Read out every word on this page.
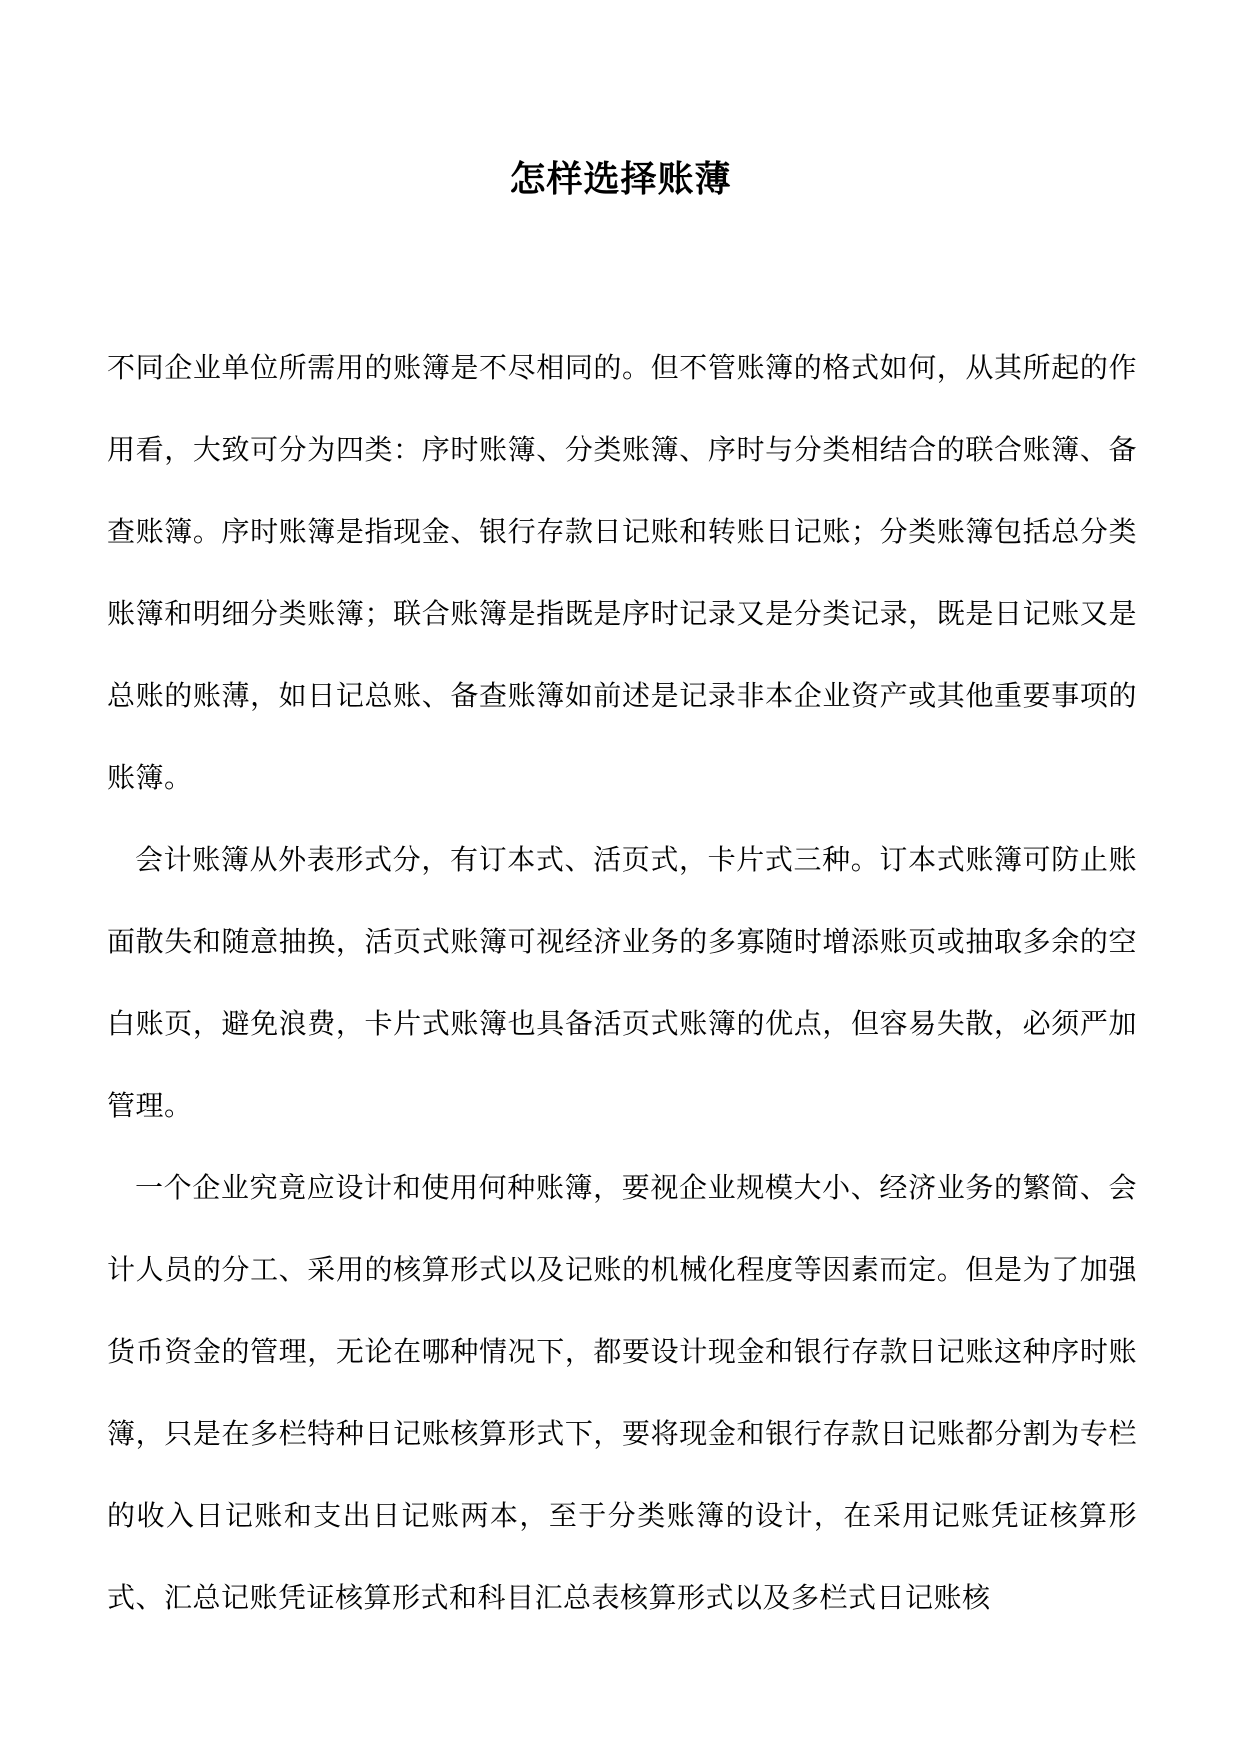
怎样选择账薄

不同企业单位所需用的账簿是不尽相同的。但不管账簿的格式如何，从其所起的作用看，大致可分为四类：序时账簿、分类账簿、序时与分类相结合的联合账簿、备查账簿。序时账簿是指现金、银行存款日记账和转账日记账；分类账簿包括总分类账簿和明细分类账簿；联合账簿是指既是序时记录又是分类记录，既是日记账又是总账的账薄，如日记总账、备查账簿如前述是记录非本企业资产或其他重要事项的账簿。

会计账簿从外表形式分，有订本式、活页式，卡片式三种。订本式账簿可防止账面散失和随意抽换，活页式账簿可视经济业务的多寡随时增添账页或抽取多余的空白账页，避免浪费，卡片式账簿也具备活页式账簿的优点，但容易失散，必须严加管理。

一个企业究竟应设计和使用何种账簿，要视企业规模大小、经济业务的繁简、会计人员的分工、采用的核算形式以及记账的机械化程度等因素而定。但是为了加强货币资金的管理，无论在哪种情况下，都要设计现金和银行存款日记账这种序时账簿，只是在多栏特种日记账核算形式下，要将现金和银行存款日记账都分割为专栏的收入日记账和支出日记账两本，至于分类账簿的设计，在采用记账凭证核算形式、汇总记账凭证核算形式和科目汇总表核算形式以及多栏式日记账核
